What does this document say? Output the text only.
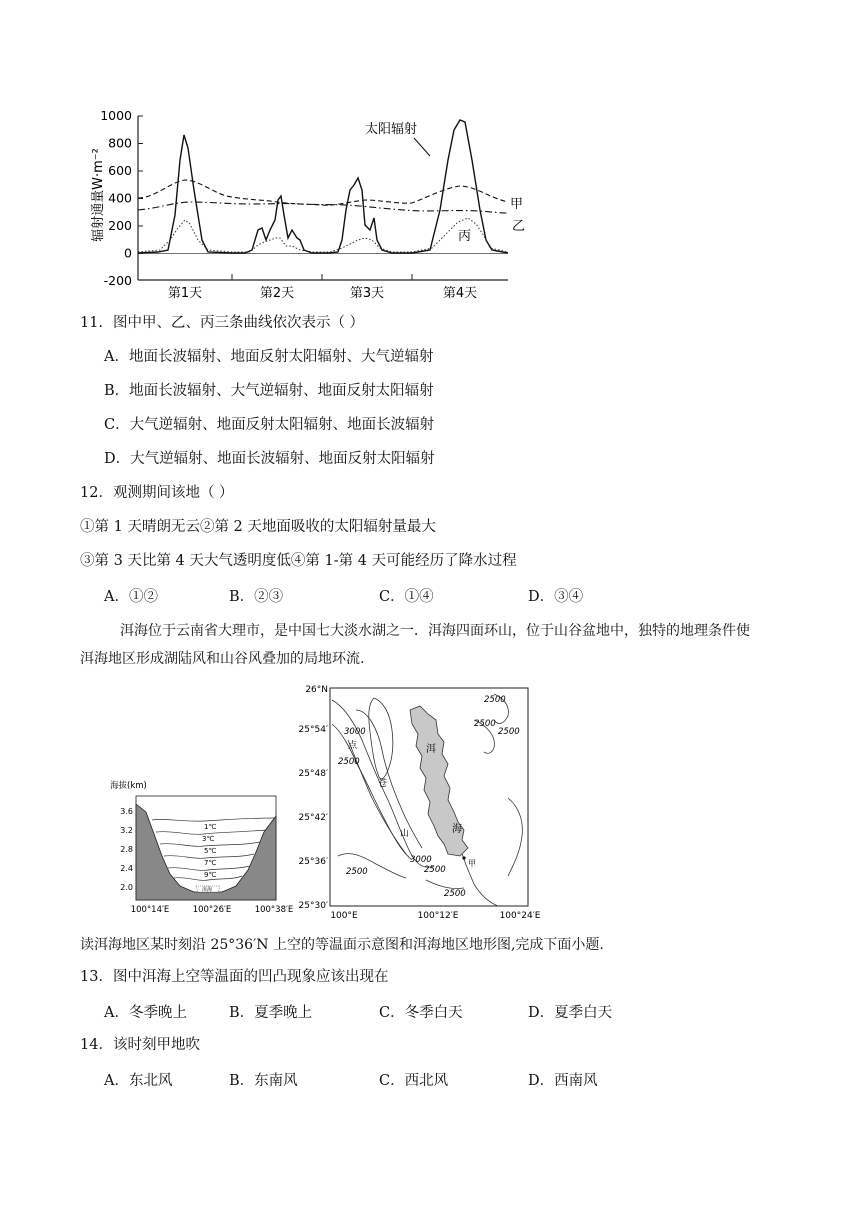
辐射通量W·m⁻²
1000
800
600
400
200
0
-200
第1天	第2天	第3天	第4天
太阳辐射
甲
乙
丙
11．图中甲、乙、丙三条曲线依次表示（ ）
A．地面长波辐射、地面反射太阳辐射、大气逆辐射
B．地面长波辐射、大气逆辐射、地面反射太阳辐射
C．大气逆辐射、地面反射太阳辐射、地面长波辐射
D．大气逆辐射、地面长波辐射、地面反射太阳辐射
12．观测期间该地（ ）
①第 1 天晴朗无云②第 2 天地面吸收的太阳辐射量最大
③第 3 天比第 4 天大气透明度低④第 1-第 4 天可能经历了降水过程
A．①②	B．②③	C．①④	D．③④
洱海位于云南省大理市，是中国七大淡水湖之一．洱海四面环山，位于山谷盆地中，独特的地理条件使
洱海地区形成湖陆风和山谷风叠加的局地环流.
海拔(km)
洱海
1℃
3℃
5℃
7℃
9℃
3.6
3.2
2.8
2.4
2.0
100°14′E	100°26′E	100°38′E
26°N
25°54′
25°48′
25°42′
25°36′
25°30′
100°E	100°12′E	100°24′E
2500
3000
2500
3000
2500
2500
2500
2500
2500
点
苍
山
洱
海
甲
读洱海地区某时刻沿 25°36′N 上空的等温面示意图和洱海地区地形图,完成下面小题.
13．图中洱海上空等温面的凹凸现象应该出现在
A．冬季晚上	B．夏季晚上	C．冬季白天	D．夏季白天
14．该时刻甲地吹
A．东北风	B．东南风	C．西北风	D．西南风
